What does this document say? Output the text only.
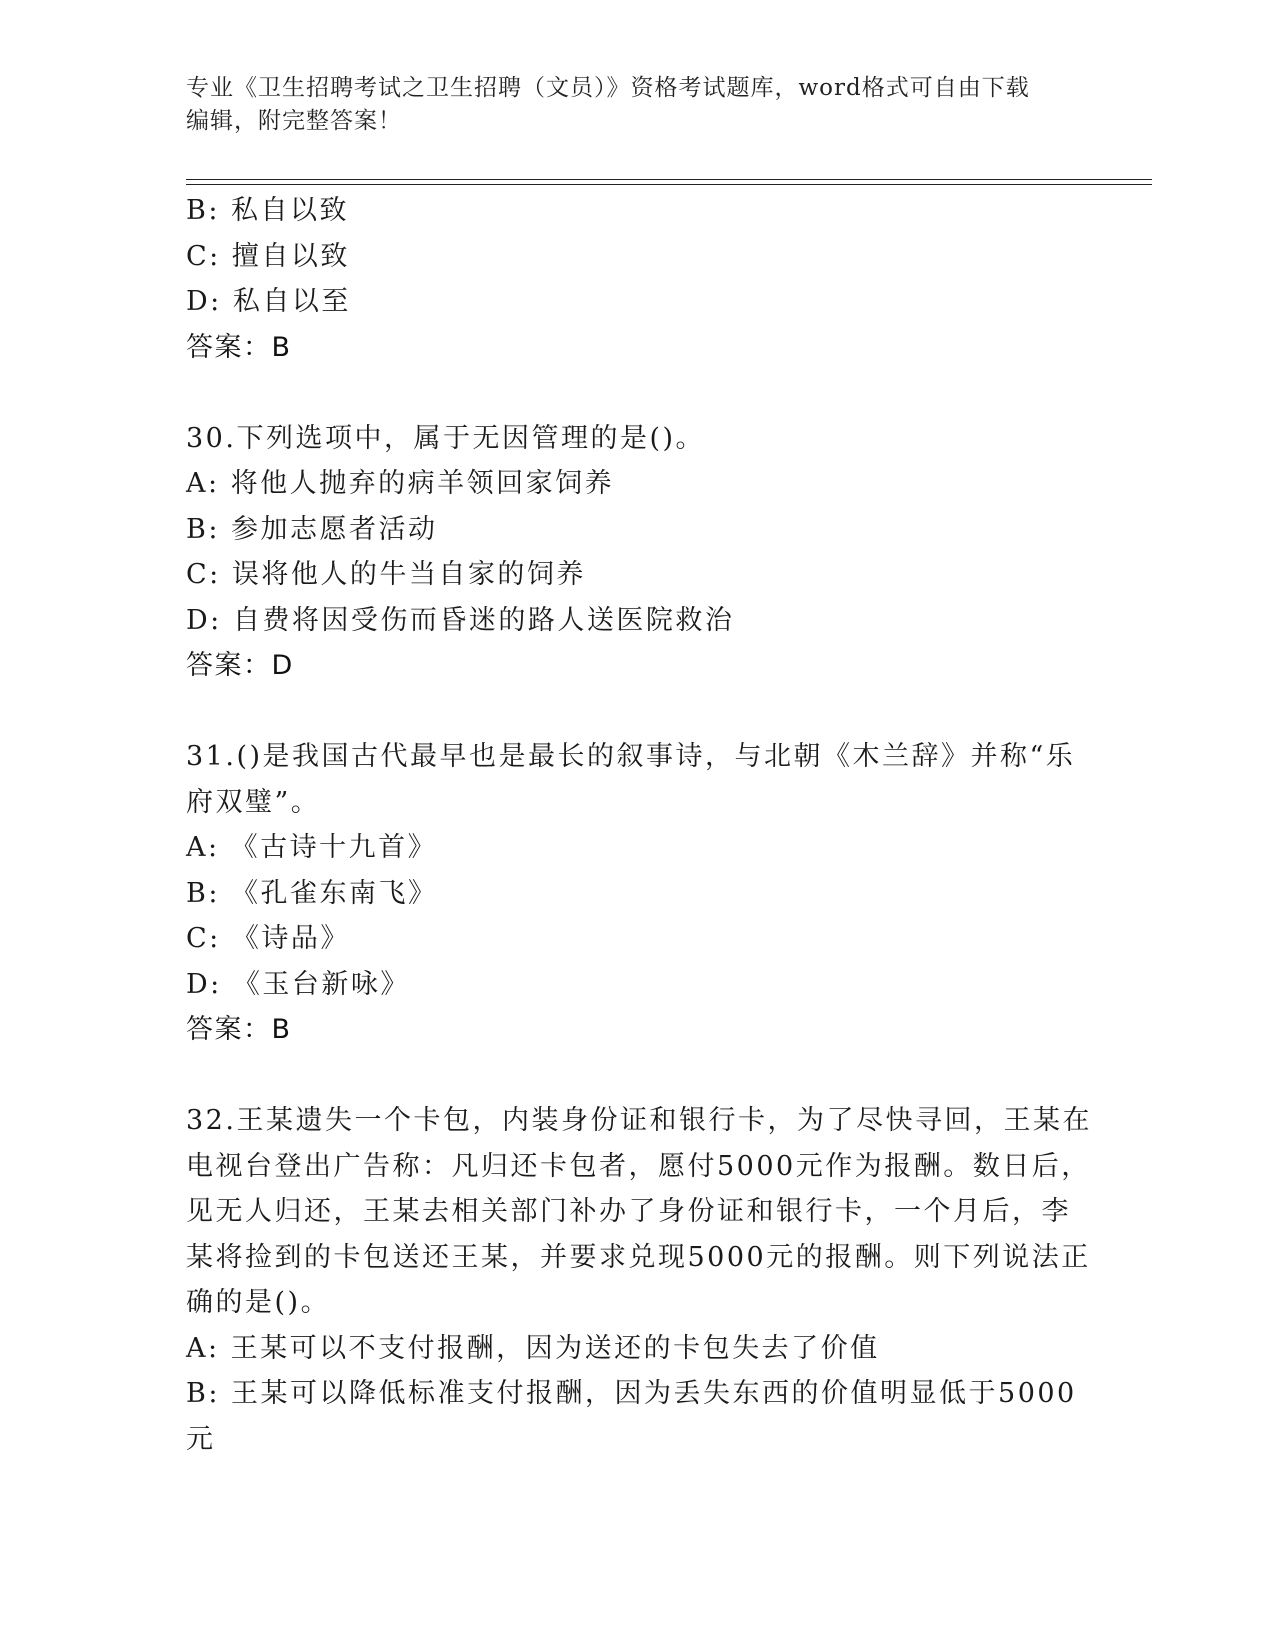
专业《卫生招聘考试之卫生招聘（文员）》资格考试题库，word格式可自由下载
编辑，附完整答案！
B: 私自以致
C: 擅自以致
D: 私自以至
答案：B
30.下列选项中，属于无因管理的是()。
A: 将他人抛弃的病羊领回家饲养
B: 参加志愿者活动
C: 误将他人的牛当自家的饲养
D: 自费将因受伤而昏迷的路人送医院救治
答案：D
31.()是我国古代最早也是最长的叙事诗，与北朝《木兰辞》并称“乐
府双璧”。
A: 《古诗十九首》
B: 《孔雀东南飞》
C: 《诗品》
D: 《玉台新咏》
答案：B
32.王某遗失一个卡包，内装身份证和银行卡，为了尽快寻回，王某在
电视台登出广告称：凡归还卡包者，愿付5000元作为报酬。数日后，
见无人归还，王某去相关部门补办了身份证和银行卡，一个月后，李
某将捡到的卡包送还王某，并要求兑现5000元的报酬。则下列说法正
确的是()。
A: 王某可以不支付报酬，因为送还的卡包失去了价值
B: 王某可以降低标准支付报酬，因为丢失东西的价值明显低于5000
元
